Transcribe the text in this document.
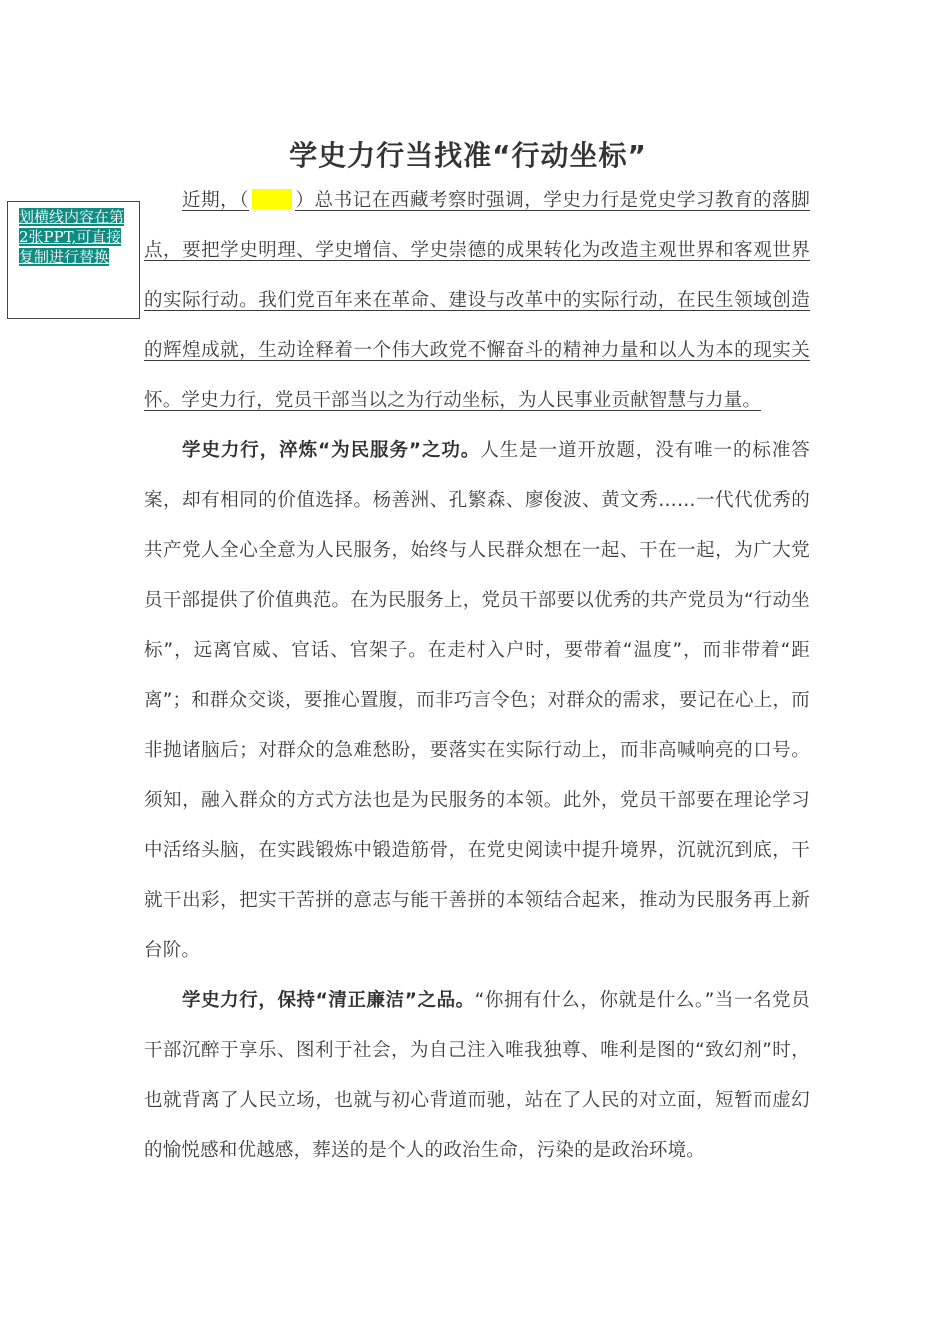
学史力行当找准“行动坐标”
划横线内容在第2张PPT,可直接复制进行替换

近期，（ ）总书记在西藏考察时强调，学史力行是党史学习教育的落脚点，要把学史明理、学史增信、学史崇德的成果转化为改造主观世界和客观世界的实际行动。我们党百年来在革命、建设与改革中的实际行动，在民生领域创造的辉煌成就，生动诠释着一个伟大政党不懈奋斗的精神力量和以人为本的现实关怀。学史力行，党员干部当以之为行动坐标，为人民事业贡献智慧与力量。

学史力行，淬炼“为民服务”之功。人生是一道开放题，没有唯一的标准答案，却有相同的价值选择。杨善洲、孔繁森、廖俊波、黄文秀……一代代优秀的共产党人全心全意为人民服务，始终与人民群众想在一起、干在一起，为广大党员干部提供了价值典范。在为民服务上，党员干部要以优秀的共产党员为“行动坐标”，远离官威、官话、官架子。在走村入户时，要带着“温度”，而非带着“距离”；和群众交谈，要推心置腹，而非巧言令色；对群众的需求，要记在心上，而非抛诸脑后；对群众的急难愁盼，要落实在实际行动上，而非高喊响亮的口号。须知，融入群众的方式方法也是为民服务的本领。此外，党员干部要在理论学习中活络头脑，在实践锻炼中锻造筋骨，在党史阅读中提升境界，沉就沉到底，干就干出彩，把实干苦拼的意志与能干善拼的本领结合起来，推动为民服务再上新台阶。

学史力行，保持“清正廉洁”之品。“你拥有什么，你就是什么。”当一名党员干部沉醉于享乐、图利于社会，为自己注入唯我独尊、唯利是图的“致幻剂”时，也就背离了人民立场，也就与初心背道而驰，站在了人民的对立面，短暂而虚幻的愉悦感和优越感，葬送的是个人的政治生命，污染的是政治环境。
